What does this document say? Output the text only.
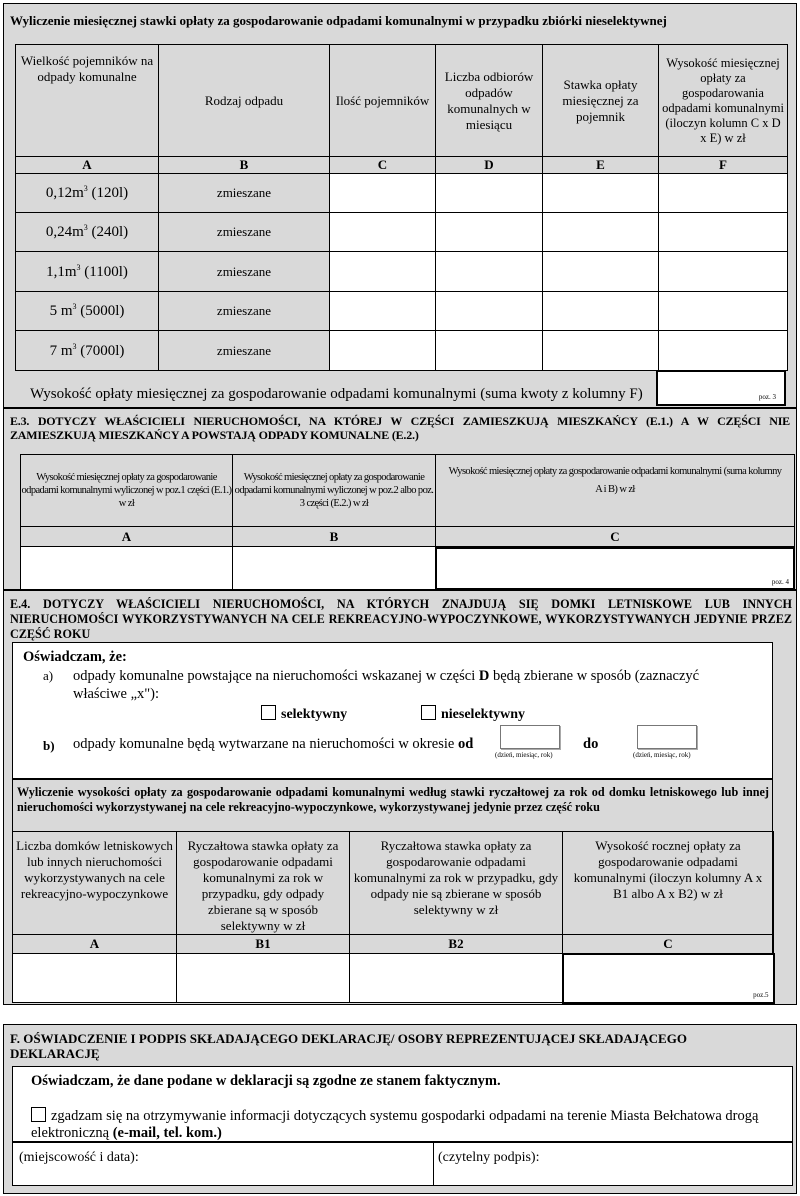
Wyliczenie miesięcznej stawki opłaty za gospodarowanie odpadami komunalnymi w przypadku zbiórki nieselektywnej
Wielkość pojemników na odpady komunalne	Rodzaj odpadu	Ilość pojemników	Liczba odbiorów odpadów komunalnych w miesiącu	Stawka opłaty miesięcznej za pojemnik	Wysokość miesięcznej opłaty za gospodarowania odpadami komunalnymi (iloczyn kolumn C x D x E) w zł
A	B	C	D	E	F
$0,12m^3$ (120l)	zmieszane				
$0,24m^3$ (240l)	zmieszane				
$1,1m^3$ (1100l)	zmieszane				
5 $m^3$ (5000l)	zmieszane				
7 $m^3$ (7000l)	zmieszane				
Wysokość opłaty miesięcznej za gospodarowanie odpadami komunalnymi (suma kwoty z kolumny F)	poz. 3
E.3. DOTYCZY WŁAŚCICIELI NIERUCHOMOŚCI, NA KTÓREJ W CZĘŚCI ZAMIESZKUJĄ MIESZKAŃCY (E.1.) A W CZĘŚCI NIE ZAMIESZKUJĄ MIESZKAŃCY A POWSTAJĄ ODPADY KOMUNALNE (E.2.)
Wysokość miesięcznej opłaty za gospodarowanie odpadami komunalnymi wyliczonej w poz.1 części (E.1.) w zł
Wysokość miesięcznej opłaty za gospodarowanie odpadami komunalnymi wyliczonej w poz.2 albo poz. 3 części (E.2.) w zł
Wysokość miesięcznej opłaty za gospodarowanie odpadami komunalnymi (suma kolumny A i B) w zł
A	B	C
poz. 4
E.4. DOTYCZY WŁAŚCICIELI NIERUCHOMOŚCI, NA KTÓRYCH ZNAJDUJĄ SIĘ DOMKI LETNISKOWE LUB INNYCH NIERUCHOMOŚCI WYKORZYSTYWANYCH NA CELE REKREACYJNO-WYPOCZYNKOWE, WYKORZYSTYWANYCH JEDYNIE PRZEZ CZĘŚĆ ROKU
Oświadczam, że:
a) odpady komunalne powstające na nieruchomości wskazanej w części D będą zbierane w sposób (zaznaczyć właściwe „x"):
selektywny	nieselektywny
b) odpady komunalne będą wytwarzane na nieruchomości w okresie od
(dzień, miesiąc, rok)
do
(dzień, miesiąc, rok)
Wyliczenie wysokości opłaty za gospodarowanie odpadami komunalnymi według stawki ryczałtowej za rok od domku letniskowego lub innej nieruchomości wykorzystywanej na cele rekreacyjno-wypoczynkowe, wykorzystywanej jedynie przez część roku
Liczba domków letniskowych lub innych nieruchomości wykorzystywanych na cele rekreacyjno-wypoczynkowe	Ryczałtowa stawka opłaty za gospodarowanie odpadami komunalnymi za rok w przypadku, gdy odpady zbierane są w sposób selektywny w zł	Ryczałtowa stawka opłaty za gospodarowanie odpadami komunalnymi za rok w przypadku, gdy odpady nie są zbierane w sposób selektywny w zł	Wysokość rocznej opłaty za gospodarowanie odpadami komunalnymi (iloczyn kolumny A x B1 albo A x B2) w zł
A	B1	B2	C

			poz.5
F. OŚWIADCZENIE I PODPIS SKŁADAJĄCEGO DEKLARACJĘ/ OSOBY REPREZENTUJĄCEJ SKŁADAJĄCEGO DEKLARACJĘ
Oświadczam, że dane podane w deklaracji są zgodne ze stanem faktycznym.
zgadzam się na otrzymywanie informacji dotyczących systemu gospodarki odpadami na terenie Miasta Bełchatowa drogą elektroniczną (e-mail, tel. kom.)
(miejscowość i data):	(czytelny podpis):
